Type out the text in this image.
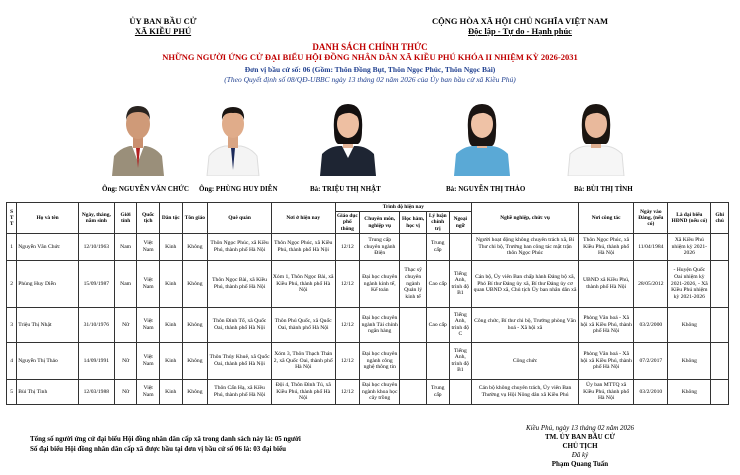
ỦY BAN BẦU CỬ
XÃ KIỀU PHÚ
CỘNG HÒA XÃ HỘI CHỦ NGHĨA VIỆT NAM
Độc lập - Tự do - Hạnh phúc
DANH SÁCH CHÍNH THỨC
NHỮNG NGƯỜI ỨNG CỬ ĐẠI BIỂU HỘI ĐỒNG NHÂN DÂN XÃ KIỀU PHÚ KHÓA II NHIỆM KỲ 2026-2031
Đơn vị bầu cử số: 06 (Gồm: Thôn Đồng Bụt, Thôn Ngọc Phúc, Thôn Ngọc Bài)
(Theo Quyết định số 08/QĐ-UBBC ngày 13 tháng 02 năm 2026 của Ủy ban bầu cử xã Kiều Phú)
Ông: NGUYỄN VĂN CHỨC Ông: PHÙNG HUY DIỄN	Bà: TRIỆU THỊ NHẬT	Bà: NGUYỄN THỊ THẢO	Bà: BÙI THỊ TÌNH
S T T	Họ và tên	Ngày, tháng, năm sinh	Giới tính	Quốc tịch	Dân tộc	Tôn giáo	Quê quán	Nơi ở hiện nay	Trình độ hiện nay					Nghề nghiệp, chức vụ	Nơi công tác	Ngày vào Đảng, (nếu có)	Là đại biểu HĐND (nếu có)	Ghi chú
									Giáo dục phổ thông	Chuyên môn, nghiệp vụ	Học hàm, học vị	Lý luận chính trị	Ngoại ngữ					
1	Nguyễn Văn Chức	12/10/1963	Nam	Việt Nam	Kinh	Không	Thôn Ngọc Phúc, xã Kiều Phú, thành phố Hà Nội	Thôn Ngọc Phúc, xã Kiều Phú, thành phố Hà Nội	12/12	Trung cấp chuyên ngành Điện		Trung cấp		Người hoạt động không chuyên trách xã, Bí Thư chi bộ, Trưởng ban công tác mặt trận thôn Ngọc Phúc	Thôn Ngọc Phúc, xã Kiều Phú, thành phố Hà Nội	11/04/1984	Xã Kiều Phú nhiệm kỳ 2021-2026	
2	Phùng Huy Diễn	15/09/1987	Nam	Việt Nam	Kinh	Không	Thôn Ngọc Bài, xã Kiều Phú, thành phố Hà Nội	Xóm 1, Thôn Ngọc Bài, xã Kiều Phú, thành phố Hà Nội	12/12	Đại học chuyên ngành kinh tế, Kế toán	Thạc sỹ chuyên ngành Quản lý kinh tế	Cao cấp	Tiếng Anh, trình độ B1	Cán bộ, Ủy viên Ban chấp hành Đảng bộ xã, Phó Bí thư Đảng ủy xã, Bí thư Đảng ủy cơ quan UBND xã, Chủ tịch Ủy ban nhân dân xã	UBND xã Kiều Phú, thành phố Hà Nội	28/05/2012	- Huyện Quốc Oai nhiệm kỳ 2021-2026, - Xã Kiều Phú nhiệm kỳ 2021-2026	
3	Triệu Thị Nhật	31/10/1976	Nữ	Việt Nam	Kinh	Không	Thôn Đình Tổ, xã Quốc Oai, thành phố Hà Nội	Thôn Phú Quốc, xã Quốc Oai, thành phố Hà Nội	12/12	Đại học chuyên ngành Tài chính ngân hàng		Cao cấp	Tiếng Anh, trình độ C	Công chức, Bí thư chi bộ, Trưởng phòng Văn hoá - Xã hội xã	Phòng Văn hoá - Xã hội xã Kiều Phú, thành phố Hà Nội	03/2/2000	Không	
4	Nguyễn Thị Thảo	14/09/1991	Nữ	Việt Nam	Kinh	Không	Thôn Thủy Khuê, xã Quốc Oai, thành phố Hà Nội	Xóm 3, Thôn Thạch Thán 2, xã Quốc Oai, thành phố Hà Nội	12/12	Đại học chuyên ngành công nghệ thông tin			Tiếng Anh, trình độ B1	Công chức	Phòng Văn hoá - Xã hội xã Kiều Phú, thành phố Hà Nội	07/2/2017	Không	
5	Bùi Thị Tình	12/03/1988	Nữ	Việt Nam	Kinh	Không	Thôn Cấn Hạ, xã Kiều Phú, thành phố Hà Nội	Đội 4, Thôn Đình Tú, xã Kiều Phú, thành phố Hà Nội	12/12	Đại học chuyên ngành khoa học cây trồng		Trung cấp		Cán bộ không chuyên trách, Ủy viên Ban Thường vụ Hội Nông dân xã Kiều Phú	Ủy ban MTTQ xã Kiều Phú, thành phố Hà Nội	03/2/2010	Không	
Kiều Phú, ngày 13 tháng 02 năm 2026
TM. ỦY BAN BẦU CỬ
CHỦ TỊCH
Đã ký
Phạm Quang Tuấn
Tổng số người ứng cử đại biểu Hội đồng nhân dân cấp xã trong danh sách này là: 05 người
Số đại biểu Hội đồng nhân dân cấp xã được bầu tại đơn vị bầu cử số 06 là: 03 đại biểu
